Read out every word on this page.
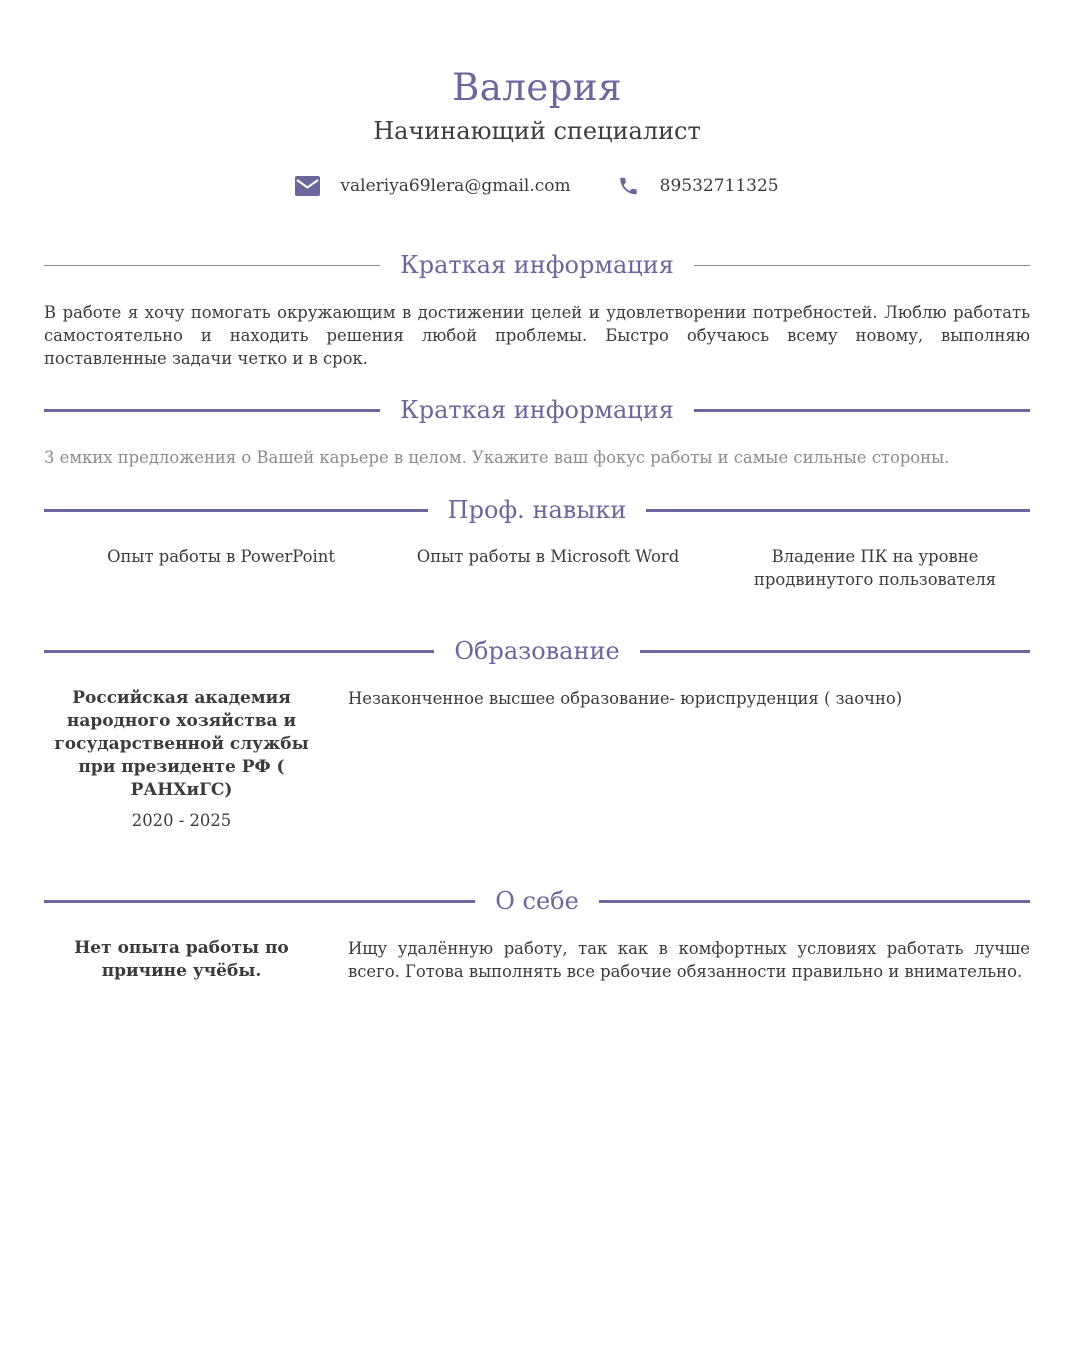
Валерия
Начинающий специалист
valeriya69lera@gmail.com	89532711325
Краткая информация
В работе я хочу помогать окружающим в достижении целей и удовлетворении потребностей. Люблю работать самостоятельно и находить решения любой проблемы. Быстро обучаюсь всему новому, выполняю поставленные задачи четко и в срок.
Краткая информация
3 емких предложения о Вашей карьере в целом. Укажите ваш фокус работы и самые сильные стороны.
Проф. навыки
Опыт работы в PowerPoint	Опыт работы в Microsoft Word	Владение ПК на уровне продвинутого пользователя
Образование
Российская академия народного хозяйства и государственной службы при президенте РФ ( РАНХиГС)
2020 - 2025
Незаконченное высшее образование- юриспруденция ( заочно)
О себе
Нет опыта работы по причине учёбы.
Ищу удалённую работу, так как в комфортных условиях работать лучше всего. Готова выполнять все рабочие обязанности правильно и внимательно.
